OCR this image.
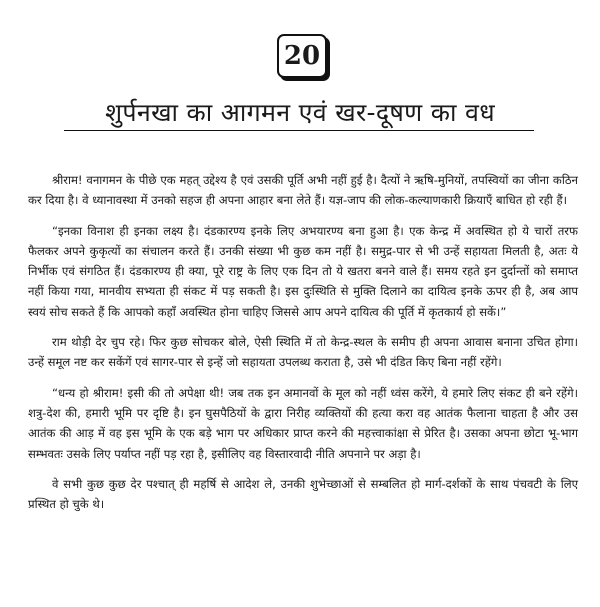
20
शुर्पनखा का आगमन एवं खर-दूषण का वध

श्रीराम! वनागमन के पीछे एक महत् उद्देश्य है एवं उसकी पूर्ति अभी नहीं हुई है। दैत्यों ने ऋषि-मुनियों, तपस्वियों का जीना कठिन कर दिया है। वे ध्यानावस्था में उनको सहज ही अपना आहार बना लेते हैं। यज्ञ-जाप की लोक-कल्याणकारी क्रियाएँ बाधित हो रही हैं।

“इनका विनाश ही इनका लक्ष्य है। दंडकारण्य इनके लिए अभयारण्य बना हुआ है। एक केन्द्र में अवस्थित हो ये चारों तरफ फैलकर अपने कुकृत्यों का संचालन करते हैं। उनकी संख्या भी कुछ कम नहीं है। समुद्र-पार से भी उन्हें सहायता मिलती है, अतः ये निर्भीक एवं संगठित हैं। दंडकारण्य ही क्या, पूरे राष्ट्र के लिए एक दिन तो ये खतरा बनने वाले हैं। समय रहते इन दुर्दान्तों को समाप्त नहीं किया गया, मानवीय सभ्यता ही संकट में पड़ सकती है। इस दुःस्थिति से मुक्ति दिलाने का दायित्व इनके ऊपर ही है, अब आप स्वयं सोच सकते हैं कि आपको कहाँ अवस्थित होना चाहिए जिससे आप अपने दायित्व की पूर्ति में कृतकार्य हो सकें।”

राम थोड़ी देर चुप रहे। फिर कुछ सोचकर बोले, ऐसी स्थिति में तो केन्द्र-स्थल के समीप ही अपना आवास बनाना उचित होगा। उन्हें समूल नष्ट कर सकेंगें एवं सागर-पार से इन्हें जो सहायता उपलब्ध कराता है, उसे भी दंडित किए बिना नहीं रहेंगे।

“धन्य हो श्रीराम! इसी की तो अपेक्षा थी! जब तक इन अमानवों के मूल को नहीं ध्वंस करेंगे, ये हमारे लिए संकट ही बने रहेंगे। शत्रु-देश की, हमारी भूमि पर दृष्टि है। इन घुसपैठियों के द्वारा निरीह व्यक्तियों की हत्या करा वह आतंक फैलाना चाहता है और उस आतंक की आड़ में वह इस भूमि के एक बड़े भाग पर अधिकार प्राप्त करने की महत्त्वाकांक्षा से प्रेरित है। उसका अपना छोटा भू-भाग सम्भवतः उसके लिए पर्याप्त नहीं पड़ रहा है, इसीलिए वह विस्तारवादी नीति अपनाने पर अड़ा है।

वे सभी कुछ कुछ देर पश्चात् ही महर्षि से आदेश ले, उनकी शुभेच्छाओं से सम्बलित हो मार्ग-दर्शकों के साथ पंचवटी के लिए प्रस्थित हो चुके थे।
